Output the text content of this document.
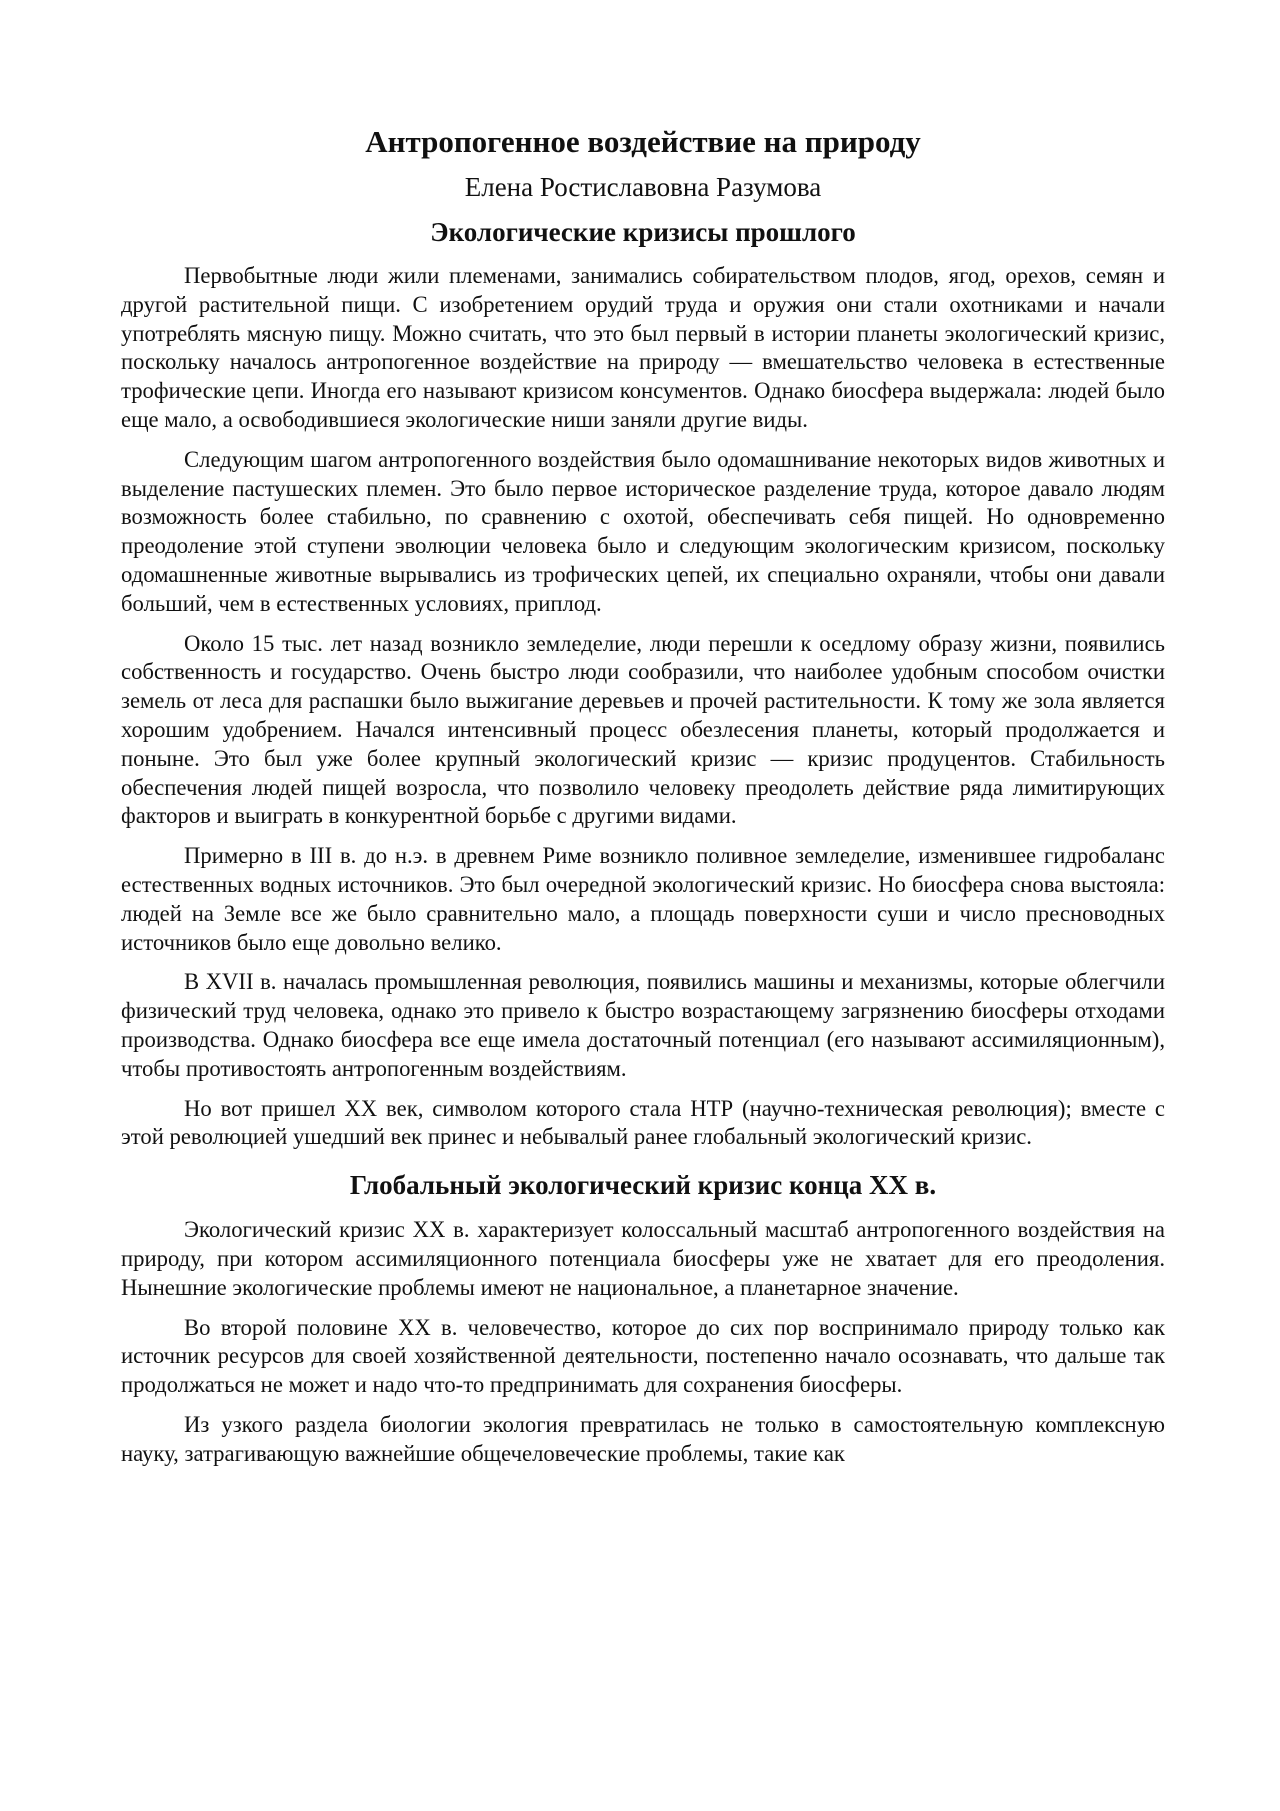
Антропогенное воздействие на природу
Елена Ростиславовна Разумова
Экологические кризисы прошлого

Первобытные люди жили племенами, занимались собирательством плодов, ягод, орехов, семян и другой растительной пищи. С изобретением орудий труда и оружия они стали охотниками и начали употреблять мясную пищу. Можно считать, что это был первый в истории планеты экологический кризис, поскольку началось антропогенное воздействие на природу — вмешательство человека в естественные трофические цепи. Иногда его называют кризисом консументов. Однако биосфера выдержала: людей было еще мало, а освободившиеся экологические ниши заняли другие виды.

Следующим шагом антропогенного воздействия было одомашнивание некоторых видов животных и выделение пастушеских племен. Это было первое историческое разделение труда, которое давало людям возможность более стабильно, по сравнению с охотой, обеспечивать себя пищей. Но одновременно преодоление этой ступени эволюции человека было и следующим экологическим кризисом, поскольку одомашненные животные вырывались из трофических цепей, их специально охраняли, чтобы они давали больший, чем в естественных условиях, приплод.

Около 15 тыс. лет назад возникло земледелие, люди перешли к оседлому образу жизни, появились собственность и государство. Очень быстро люди сообразили, что наиболее удобным способом очистки земель от леса для распашки было выжигание деревьев и прочей растительности. К тому же зола является хорошим удобрением. Начался интенсивный процесс обезлесения планеты, который продолжается и поныне. Это был уже более крупный экологический кризис — кризис продуцентов. Стабильность обеспечения людей пищей возросла, что позволило человеку преодолеть действие ряда лимитирующих факторов и выиграть в конкурентной борьбе с другими видами.

Примерно в III в. до н.э. в древнем Риме возникло поливное земледелие, изменившее гидробаланс естественных водных источников. Это был очередной экологический кризис. Но биосфера снова выстояла: людей на Земле все же было сравнительно мало, а площадь поверхности суши и число пресноводных источников было еще довольно велико.

В XVII в. началась промышленная революция, появились машины и механизмы, которые облегчили физический труд человека, однако это привело к быстро возрастающему загрязнению биосферы отходами производства. Однако биосфера все еще имела достаточный потенциал (его называют ассимиляционным), чтобы противостоять антропогенным воздействиям.

Но вот пришел XX век, символом которого стала НТР (научно-техническая революция); вместе с этой революцией ушедший век принес и небывалый ранее глобальный экологический кризис.

Глобальный экологический кризис конца XX в.

Экологический кризис XX в. характеризует колоссальный масштаб антропогенного воздействия на природу, при котором ассимиляционного потенциала биосферы уже не хватает для его преодоления. Нынешние экологические проблемы имеют не национальное, а планетарное значение.

Во второй половине XX в. человечество, которое до сих пор воспринимало природу только как источник ресурсов для своей хозяйственной деятельности, постепенно начало осознавать, что дальше так продолжаться не может и надо что-то предпринимать для сохранения биосферы.

Из узкого раздела биологии экология превратилась не только в самостоятельную комплексную науку, затрагивающую важнейшие общечеловеческие проблемы, такие как
